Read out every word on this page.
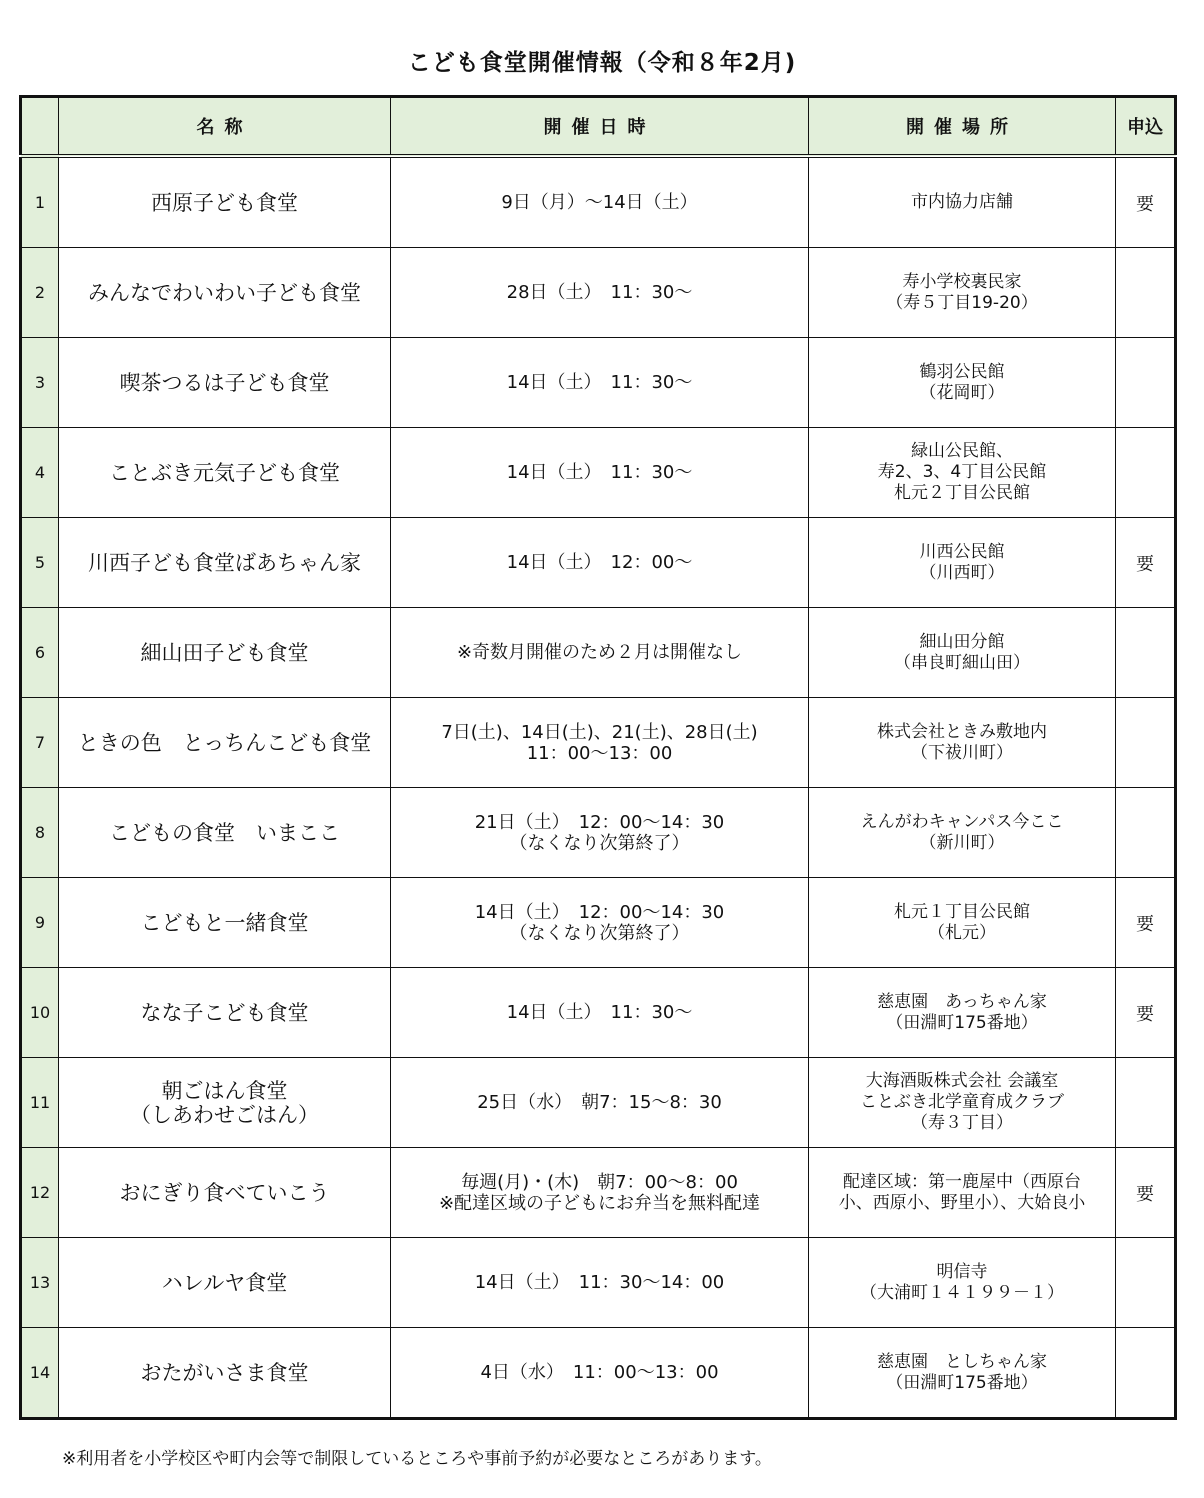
こども食堂開催情報（令和８年2月)
	名称	開催日時	開催場所	申込
1	西原子ども食堂	9日（月）～14日（土）	市内協力店舗	要
2	みんなでわいわい子ども食堂	28日（土）　11：30～	寿小学校裏民家
（寿５丁目19-20）	

3	喫茶つるは子ども食堂	14日（土）　11：30～	鶴羽公民館
（花岡町）	

4	ことぶき元気子ども食堂	14日（土）　11：30～	緑山公民館、
寿2、3、4丁目公民館
札元２丁目公民館	

5	川西子ども食堂ばあちゃん家	14日（土）　12：00～	川西公民館
（川西町）	要
6	細山田子ども食堂	※奇数月開催のため２月は開催なし	細山田分館
（串良町細山田）	

7	ときの色　とっちんこども食堂	7日(土)、14日(土)、21(土)、28日(土)
11：00～13：00	株式会社ときみ敷地内
（下祓川町）	

8	こどもの食堂　いまここ	21日（土）　12：00～14：30
（なくなり次第終了）	えんがわキャンパス今ここ
（新川町）	

9	こどもと一緒食堂	14日（土）　12：00～14：30
（なくなり次第終了）	札元１丁目公民館
（札元）	要
10	なな子こども食堂	14日（土）　11：30～	慈恵園　あっちゃん家
（田淵町175番地）	要
11	朝ごはん食堂
（しあわせごはん）	25日（水）　朝7：15～8：30	大海酒販株式会社 会議室
ことぶき北学童育成クラブ
（寿３丁目）	

12	おにぎり食べていこう	毎週(月)・(木)　朝7：00～8：00
※配達区域の子どもにお弁当を無料配達	配達区域：第一鹿屋中（西原台
小、西原小、野里小）、大姶良小	要
13	ハレルヤ食堂	14日（土）　11：30～14：00	明信寺
（大浦町１４１９９－１）	

14	おたがいさま食堂	4日（水）　11：00～13：00	慈恵園　としちゃん家
（田淵町175番地）	

※利用者を小学校区や町内会等で制限しているところや事前予約が必要なところがあります。
